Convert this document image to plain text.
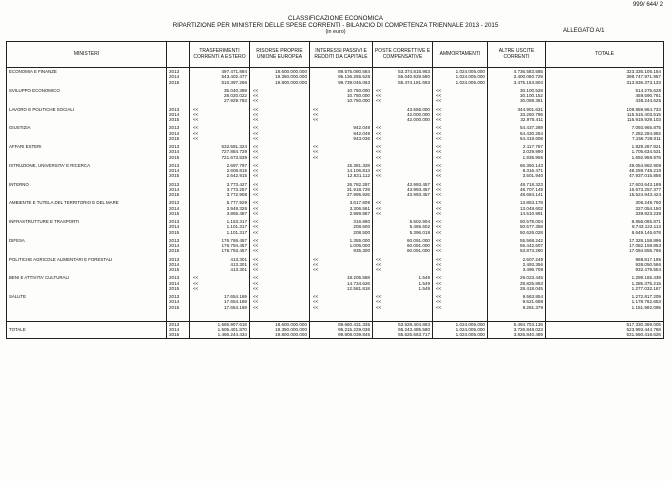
999/ 644/ 2
CLASSIFICAZIONE ECONOMICA
RIPARTIZIONE PER MINISTERI DELLE SPESE CORRENTI - BILANCIO DI COMPETENZA TRIENNALE 2013 - 2015
(in euro)	ALLEGATO A/1
MINISTERI		TRASFERIMENTI CORRENTI A ESTERO	RISORSE PROPRIE UNIONE EUROPEA	INTERESSI PASSIVI E REDDITI DA CAPITALE	POSTE CORRETTIVE E COMPENSATIVE	AMMORTAMENTI	ALTRE USCITE CORRENTI	TOTALE
ECONOMIA E FINANZE	2013	497.471.894	18.600.000.000	89.575.080.684	53.374.815.953	1.024.005.000	4.736.583.585	323.335.105.154
	2014	543.402.477	19.350.000.000	95.136.255.528	55.040.928.580	1.024.005.000	3.400.060.729	398.747.971.957
	2015	510.397.266	19.800.000.000	99.739.045.063	55.474.181.693	1.024.005.000	3.475.153.804	313.836.373.133

SVILUPPO ECONOMICO		35.040.359	<<	10.750.000	<<	<<	30.100.528	514.275.628
		28.020.022	<<	10.750.000	<<	<<	30.100.152	459.590.761
		27.929.783	<<	10.750.000	<<	<<	30.088.351	438.244.625

LAVORO E POLITICHE SOCIALI	2013	<<	<<	<<	43.555.000	<<	344.901.631	109.859.964.733
	2014	<<	<<	<<	42.000.000	<<	33.260.795	115.515.403.515
	2015	<<	<<	<<	42.000.000	<<	32.975.411	116.918.929.103

GIUSTIZIA	2013	<<	<<	942.049	<<	<<	54.437.289	7.093.965.875
	2014	<<	<<	942.049	<<	<<	54.430.254	7.282.294.992
	2015	<<	<<	943.036	<<	<<	54.418.608	7.156.728.011

AFFARI ESTERI	2013	632.581.324	<<	<<	<<	<<	2.117.767	1.829.287.821
	2014	727.884.729	<<	<<	<<	<<	2.029.990	1.705.634.531
	2015	721.673.839	<<	<<	<<	<<	1.935.955	1.692.958.976

ISTRUZIONE, UNIVERSITA' E RICERCA	2013	2.697.797	<<	15.381.328	<<	<<	66.350.143	49.054.982.908
	2014	2.608.815	<<	14.106.813	<<	<<	8.316.471	48.259.748.219
	2015	2.642.915	<<	12.631.112	<<	<<	3.501.940	47.937.015.856

INTERNO	2013	3.773.427	<<	26.782.297	43.993.457	<<	48.718.323	17.603.643.189
	2014	3.773.257	<<	31.918.729	43.993.457	<<	48.707.149	16.673.257.377
	2015	3.772.908	<<	27.995.926	43.993.457	<<	48.684.141	15.524.943.424

AMBIENTE E TUTELA DEL TERRITORIO E DEL MARE	2013	5.777.929	<<	3.617.809	<<	<<	13.853.178	306.249.760
	2014	3.948.326	<<	3.306.561	<<	<<	13.048.602	327.054.150
	2015	3.865.487	<<	2.989.887	<<	<<	14.510.991	339.923.238

INFRASTRUTTURE E TRASPORTI	2013	1.163.317	<<	316.860	5.502.904	<<	50.578.004	8.856.065.871
	2014	1.101.317	<<	208.500	5.465.502	<<	50.577.358	8.743.122.113
	2015	1.101.317	<<	208.500	5.396.018	<<	50.626.028	8.649.146.678

DIFESA	2013	176.786.457	<<	1.355.000	60.091.000	<<	55.568.242	17.328.158.896
	2014	176.794.457	<<	1.005.000	60.091.000	<<	55.442.607	17.082.159.853
	2015	176.793.457	<<	935.300	60.091.000	<<	53.873.290	17.094.655.766

POLITICHE AGRICOLE ALIMENTARI E FORESTALI	2013	413.301	<<	<<	<<	<<	2.507.249	968.817.195
	2014	413.301	<<	<<	<<	<<	2.493.356	938.050.566
	2015	413.301	<<	<<	<<	<<	3.496.708	932.479.554

BENI E ATTIVITA' CULTURALI	2013	<<	<<	18.205.558	1.549	<<	29.023.445	1.299.165.439
	2014	<<	<<	14.734.626	1.549	<<	28.825.863	1.285.375.215
	2015	<<	<<	12.581.818	1.549	<<	28.418.045	1.277.032.167

SALUTE	2013	17.654.169	<<	<<	<<	<<	9.563.854	1.272.817.209
	2014	17.654.169	<<	<<	<<	<<	9.521.698	1.178.762.653
	2015	17.654.169	<<	<<	<<	<<	9.281.379	1.151.992.095

	2013	1.565.907.618	18.600.000.000	89.660.431.335	53.528.404.863	1.024.005.000	5.494.703.136	517.330.369.005
TOTALE	2014	1.505.401.870	19.350.000.000	95.215.229.036	55.243.485.580	1.024.005.000	3.726.848.023	523.993.444.768
	2015	1.466.244.434	19.800.000.000	99.808.039.845	55.625.663.717	1.024.005.000	3.825.840.489	531.550.418.626
